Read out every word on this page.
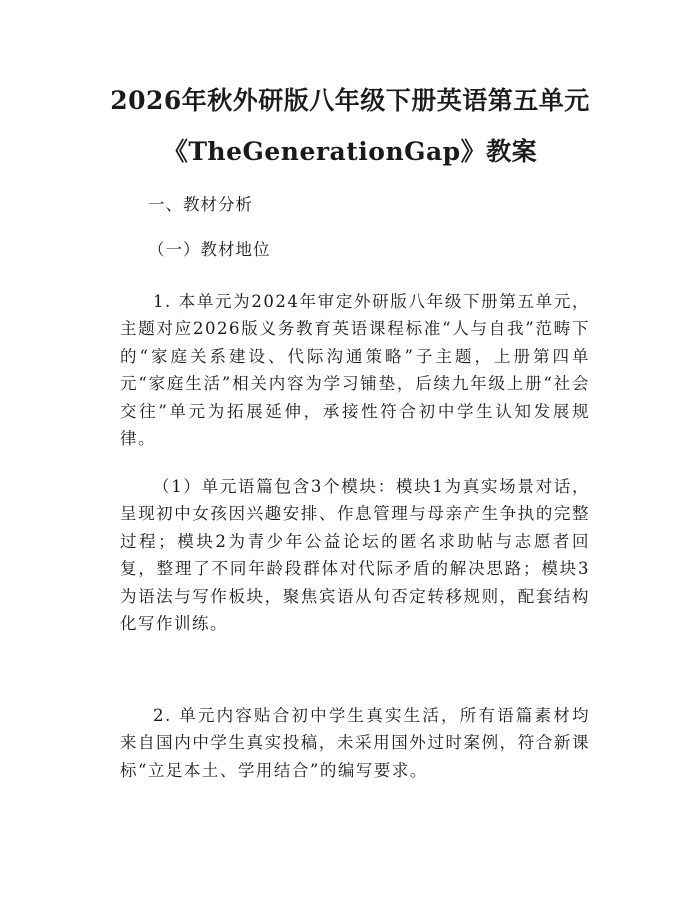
2026年秋外研版八年级下册英语第五单元
《TheGenerationGap》教案
一、教材分析
（一）教材地位

1. 本单元为2024年审定外研版八年级下册第五单元，主题对应2026版义务教育英语课程标准“人与自我”范畴下的“家庭关系建设、代际沟通策略”子主题，上册第四单元“家庭生活”相关内容为学习铺垫，后续九年级上册“社会交往”单元为拓展延伸，承接性符合初中学生认知发展规律。

（1）单元语篇包含3个模块：模块1为真实场景对话，呈现初中女孩因兴趣安排、作息管理与母亲产生争执的完整过程；模块2为青少年公益论坛的匿名求助帖与志愿者回复，整理了不同年龄段群体对代际矛盾的解决思路；模块3为语法与写作板块，聚焦宾语从句否定转移规则，配套结构化写作训练。

2. 单元内容贴合初中学生真实生活，所有语篇素材均来自国内中学生真实投稿，未采用国外过时案例，符合新课标“立足本土、学用结合”的编写要求。
